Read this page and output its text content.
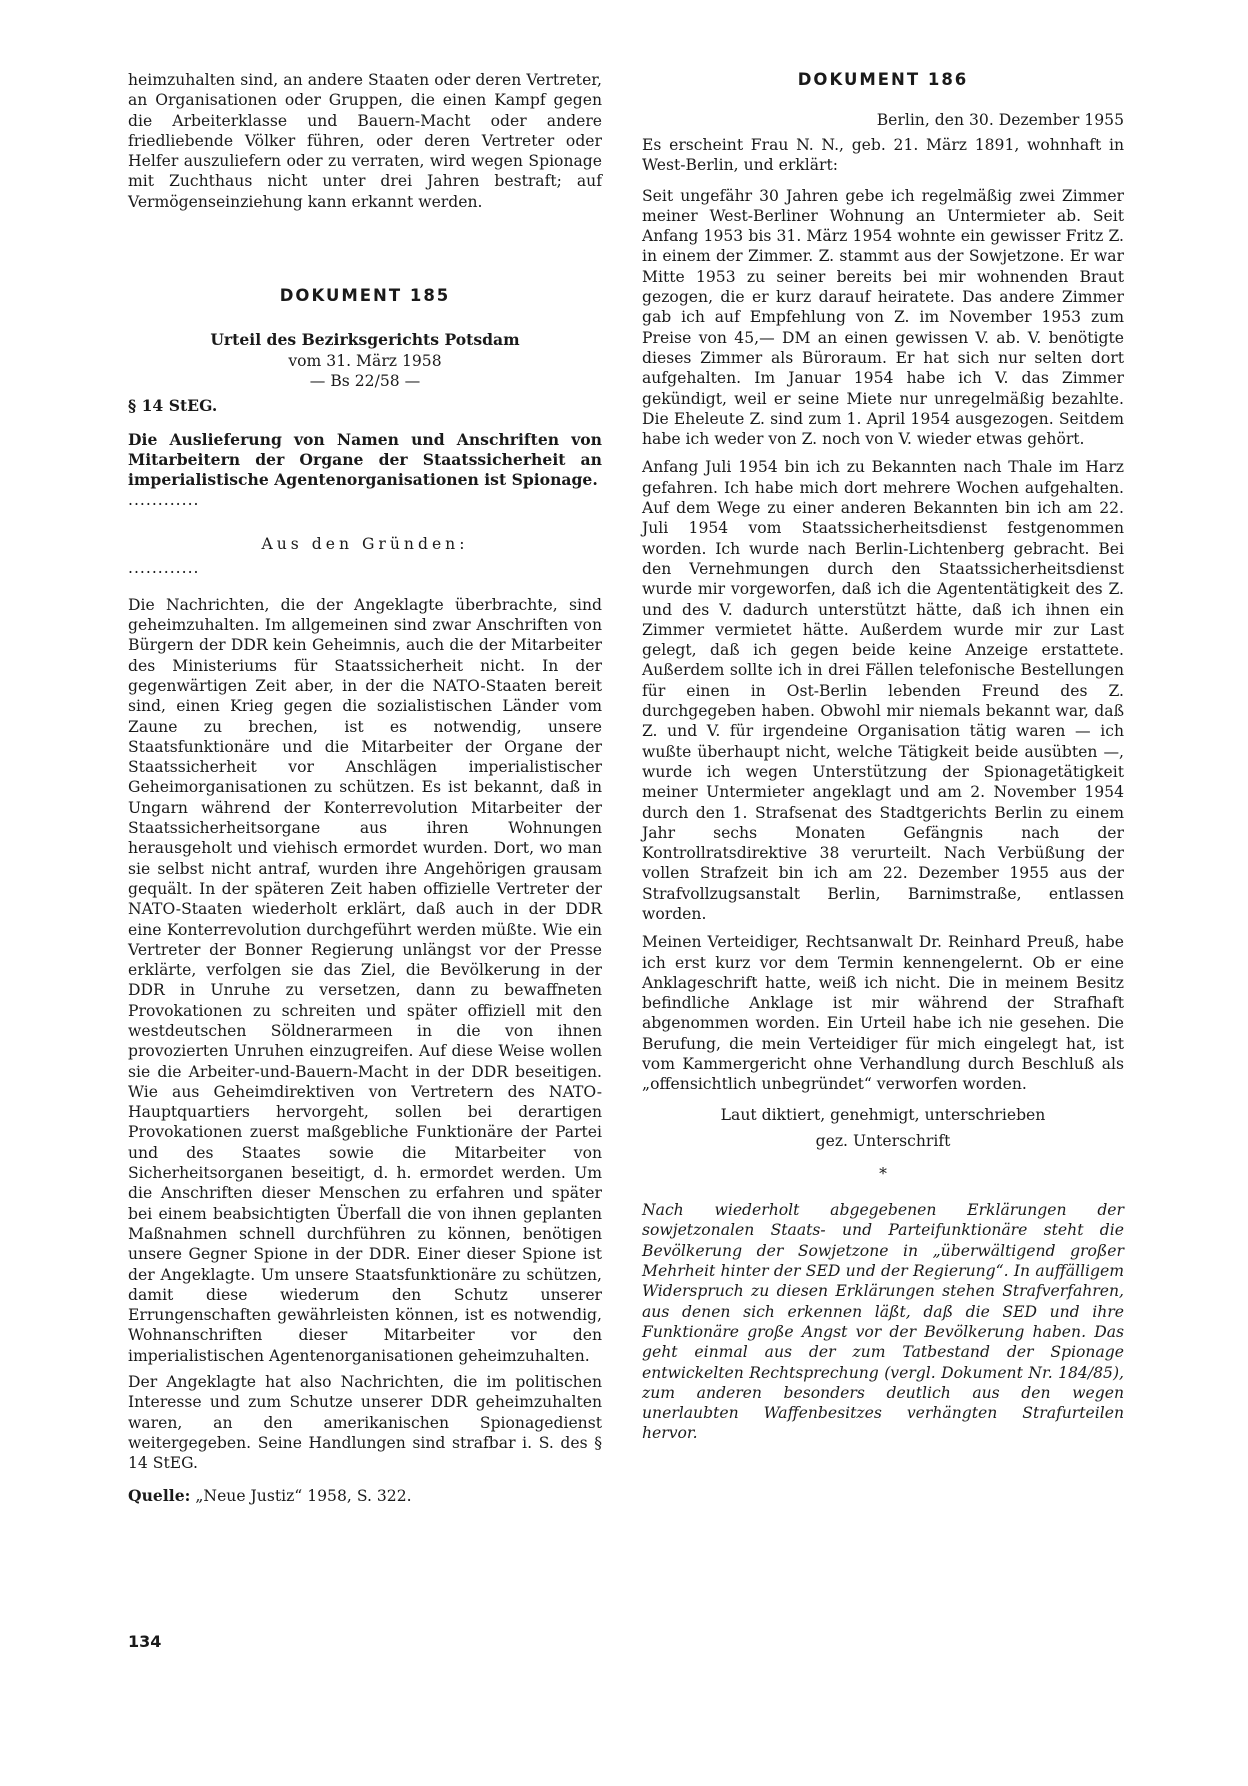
heimzuhalten sind, an andere Staaten oder deren Vertreter, an Organisationen oder Gruppen, die einen Kampf gegen die Arbeiterklasse und Bauern-Macht oder andere friedliebende Völker führen, oder deren Vertreter oder Helfer auszuliefern oder zu verraten, wird wegen Spionage mit Zuchthaus nicht unter drei Jahren bestraft; auf Vermögenseinziehung kann erkannt werden.

DOKUMENT 185

Urteil des Bezirksgerichts Potsdam

vom 31. März 1958

— Bs 22/58 —

§ 14 StEG.

Die Auslieferung von Namen und Anschriften von Mitarbeitern der Organe der Staatssicherheit an imperialistische Agentenorganisationen ist Spionage.

............

Aus den Gründen:

............

Die Nachrichten, die der Angeklagte überbrachte, sind geheimzuhalten. Im allgemeinen sind zwar Anschriften von Bürgern der DDR kein Geheimnis, auch die der Mitarbeiter des Ministeriums für Staatssicherheit nicht. In der gegenwärtigen Zeit aber, in der die NATO-Staaten bereit sind, einen Krieg gegen die sozialistischen Länder vom Zaune zu brechen, ist es notwendig, unsere Staatsfunktionäre und die Mitarbeiter der Organe der Staatssicherheit vor Anschlägen imperialistischer Geheimorganisationen zu schützen. Es ist bekannt, daß in Ungarn während der Konterrevolution Mitarbeiter der Staatssicherheitsorgane aus ihren Wohnungen herausgeholt und viehisch ermordet wurden. Dort, wo man sie selbst nicht antraf, wurden ihre Angehörigen grausam gequält. In der späteren Zeit haben offizielle Vertreter der NATO-Staaten wiederholt erklärt, daß auch in der DDR eine Konterrevolution durchgeführt werden müßte. Wie ein Vertreter der Bonner Regierung unlängst vor der Presse erklärte, verfolgen sie das Ziel, die Bevölkerung in der DDR in Unruhe zu versetzen, dann zu bewaffneten Provokationen zu schreiten und später offiziell mit den westdeutschen Söldnerarmeen in die von ihnen provozierten Unruhen einzugreifen. Auf diese Weise wollen sie die Arbeiter-und-Bauern-Macht in der DDR beseitigen. Wie aus Geheimdirektiven von Vertretern des NATO-Hauptquartiers hervorgeht, sollen bei derartigen Provokationen zuerst maßgebliche Funktionäre der Partei und des Staates sowie die Mitarbeiter von Sicherheitsorganen beseitigt, d. h. ermordet werden. Um die Anschriften dieser Menschen zu erfahren und später bei einem beabsichtigten Überfall die von ihnen geplanten Maßnahmen schnell durchführen zu können, benötigen unsere Gegner Spione in der DDR. Einer dieser Spione ist der Angeklagte. Um unsere Staatsfunktionäre zu schützen, damit diese wiederum den Schutz unserer Errungenschaften gewährleisten können, ist es notwendig, Wohnanschriften dieser Mitarbeiter vor den imperialistischen Agentenorganisationen geheimzuhalten.

Der Angeklagte hat also Nachrichten, die im politischen Interesse und zum Schutze unserer DDR geheimzuhalten waren, an den amerikanischen Spionagedienst weitergegeben. Seine Handlungen sind strafbar i. S. des § 14 StEG.

Quelle: „Neue Justiz“ 1958, S. 322.

DOKUMENT 186

Berlin, den 30. Dezember 1955

Es erscheint Frau N. N., geb. 21. März 1891, wohnhaft in West-Berlin, und erklärt:

Seit ungefähr 30 Jahren gebe ich regelmäßig zwei Zimmer meiner West-Berliner Wohnung an Untermieter ab. Seit Anfang 1953 bis 31. März 1954 wohnte ein gewisser Fritz Z. in einem der Zimmer. Z. stammt aus der Sowjetzone. Er war Mitte 1953 zu seiner bereits bei mir wohnenden Braut gezogen, die er kurz darauf heiratete. Das andere Zimmer gab ich auf Empfehlung von Z. im November 1953 zum Preise von 45,— DM an einen gewissen V. ab. V. benötigte dieses Zimmer als Büroraum. Er hat sich nur selten dort aufgehalten. Im Januar 1954 habe ich V. das Zimmer gekündigt, weil er seine Miete nur unregelmäßig bezahlte. Die Eheleute Z. sind zum 1. April 1954 ausgezogen. Seitdem habe ich weder von Z. noch von V. wieder etwas gehört.

Anfang Juli 1954 bin ich zu Bekannten nach Thale im Harz gefahren. Ich habe mich dort mehrere Wochen aufgehalten. Auf dem Wege zu einer anderen Bekannten bin ich am 22. Juli 1954 vom Staatssicherheitsdienst festgenommen worden. Ich wurde nach Berlin-Lichtenberg gebracht. Bei den Vernehmungen durch den Staatssicherheitsdienst wurde mir vorgeworfen, daß ich die Agententätigkeit des Z. und des V. dadurch unterstützt hätte, daß ich ihnen ein Zimmer vermietet hätte. Außerdem wurde mir zur Last gelegt, daß ich gegen beide keine Anzeige erstattete. Außerdem sollte ich in drei Fällen telefonische Bestellungen für einen in Ost-Berlin lebenden Freund des Z. durchgegeben haben. Obwohl mir niemals bekannt war, daß Z. und V. für irgendeine Organisation tätig waren — ich wußte überhaupt nicht, welche Tätigkeit beide ausübten —, wurde ich wegen Unterstützung der Spionagetätigkeit meiner Untermieter angeklagt und am 2. November 1954 durch den 1. Strafsenat des Stadtgerichts Berlin zu einem Jahr sechs Monaten Gefängnis nach der Kontrollratsdirektive 38 verurteilt. Nach Verbüßung der vollen Strafzeit bin ich am 22. Dezember 1955 aus der Strafvollzugsanstalt Berlin, Barnimstraße, entlassen worden.

Meinen Verteidiger, Rechtsanwalt Dr. Reinhard Preuß, habe ich erst kurz vor dem Termin kennengelernt. Ob er eine Anklageschrift hatte, weiß ich nicht. Die in meinem Besitz befindliche Anklage ist mir während der Strafhaft abgenommen worden. Ein Urteil habe ich nie gesehen. Die Berufung, die mein Verteidiger für mich eingelegt hat, ist vom Kammergericht ohne Verhandlung durch Beschluß als „offensichtlich unbegründet“ verworfen worden.

Laut diktiert, genehmigt, unterschrieben

gez. Unterschrift

*

Nach wiederholt abgegebenen Erklärungen der sowjetzonalen Staats- und Parteifunktionäre steht die Bevölkerung der Sowjetzone in „überwältigend großer Mehrheit hinter der SED und der Regierung“. In auffälligem Widerspruch zu diesen Erklärungen stehen Strafverfahren, aus denen sich erkennen läßt, daß die SED und ihre Funktionäre große Angst vor der Bevölkerung haben. Das geht einmal aus der zum Tatbestand der Spionage entwickelten Rechtsprechung (vergl. Dokument Nr. 184/85), zum anderen besonders deutlich aus den wegen unerlaubten Waffenbesitzes verhängten Strafurteilen hervor.

134
